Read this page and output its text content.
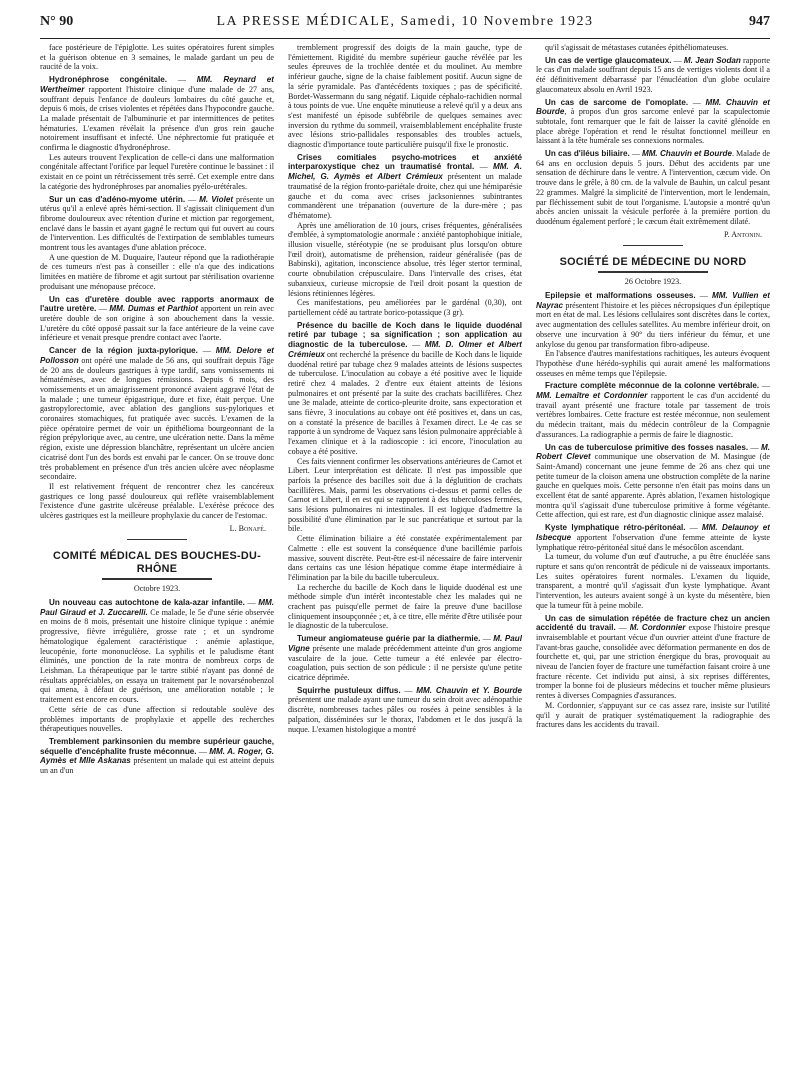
N° 90	LA PRESSE MÉDICALE, Samedi, 10 Novembre 1923	947

face postérieure de l'épiglotte. Les suites opératoires furent simples et la guérison obtenue en 3 semaines, le malade gardant un peu de raucité de la voix.

Hydronéphrose congénitale. — MM. Reynard et Wertheimer rapportent l'histoire clinique d'une malade de 27 ans, souffrant depuis l'enfance de douleurs lombaires du côté gauche et, depuis 6 mois, de crises violentes et répétées dans l'hypocondre gauche. La malade présentait de l'albuminurie et par intermittences de petites hématuries. L'examen révélait la présence d'un gros rein gauche notoirement insuffisant et infecté. Une néphrectomie fut pratiquée et confirma le diagnostic d'hydronéphrose.

Les auteurs trouvent l'explication de celle-ci dans une malformation congénitale affectant l'orifice par lequel l'uretère continue le bassinet : il existait en ce point un rétrécissement très serré. Cet exemple entre dans la catégorie des hydronéphroses par anomalies pyélo-urétérales.

Sur un cas d'adéno-myome utérin. — M. Violet présente un utérus qu'il a enlevé après hémi-section. Il s'agissait cliniquement d'un fibrome douloureux avec rétention d'urine et miction par regorgement, enclavé dans le bassin et ayant gagné le rectum qui fut ouvert au cours de l'intervention. Les difficultés de l'extirpation de semblables tumeurs montrent tous les avantages d'une ablation précoce.

A une question de M. Duquaire, l'auteur répond que la radiothérapie de ces tumeurs n'est pas à conseiller : elle n'a que des indications limitées en matière de fibrome et agit surtout par stérilisation ovarienne produisant une ménopause précoce.

Un cas d'uretère double avec rapports anormaux de l'autre uretère. — MM. Dumas et Parthiot apportent un rein avec uretère double de son origine à son abouchement dans la vessie. L'uretère du côté opposé passait sur la face antérieure de la veine cave inférieure et venait presque prendre contact avec l'aorte.

Cancer de la région juxta-pylorique. — MM. Delore et Pollosson ont opéré une malade de 56 ans, qui souffrait depuis l'âge de 20 ans de douleurs gastriques à type tardif, sans vomissements ni hématémèses, avec de longues rémissions. Depuis 6 mois, des vomissements et un amaigrissement prononcé avaient aggravé l'état de la malade ; une tumeur épigastrique, dure et fixe, était perçue. Une gastropylorectomie, avec ablation des ganglions sus-pyloriques et coronaires stomachiques, fut pratiquée avec succès. L'examen de la pièce opératoire permet de voir un épithélioma bourgeonnant de la région prépylorique avec, au centre, une ulcération nette. Dans la même région, existe une dépression blanchâtre, représentant un ulcère ancien cicatrisé dont l'un des bords est envahi par le cancer. On se trouve donc très probablement en présence d'un très ancien ulcère avec néoplasme secondaire.

Il est relativement fréquent de rencontrer chez les cancéreux gastriques ce long passé douloureux qui reflète vraisemblablement l'existence d'une gastrite ulcéreuse préalable. L'exérèse précoce des ulcères gastriques est la meilleure prophylaxie du cancer de l'estomac.

L. Bonafé.
COMITÉ MÉDICAL DES BOUCHES-DU-RHÔNE
Octobre 1923.

Un nouveau cas autochtone de kala-azar infantile. — MM. Paul Giraud et J. Zuccarelli. Ce malade, le 5e d'une série observée en moins de 8 mois, présentait une histoire clinique typique : anémie progressive, fièvre irrégulière, grosse rate ; et un syndrome hématologique également caractéristique : anémie aplastique, leucopénie, forte mononucléose. La syphilis et le paludisme étant éliminés, une ponction de la rate montra de nombreux corps de Leishman. La thérapeutique par le tartre stibié n'ayant pas donné de résultats appréciables, on essaya un traitement par le novarsénobenzol qui amena, à défaut de guérison, une amélioration notable ; le traitement est encore en cours.

Cette série de cas d'une affection si redoutable soulève des problèmes importants de prophylaxie et appelle des recherches thérapeutiques nouvelles.

Tremblement parkinsonien du membre supérieur gauche, séquelle d'encéphalite fruste méconnue. — MM. A. Roger, G. Aymès et Mlle Askanas présentent un malade qui est atteint depuis un an d'un

tremblement progressif des doigts de la main gauche, type de l'émiettement. Rigidité du membre supérieur gauche révélée par les seules épreuves de la trochlée dentée et du moulinet. Au membre inférieur gauche, signe de la chaise faiblement positif. Aucun signe de la série pyramidale. Pas d'antécédents toxiques ; pas de spécificité. Bordet-Wassermann du sang négatif. Liquide céphalo-rachidien normal à tous points de vue. Une enquête minutieuse a relevé qu'il y a deux ans s'est manifesté un épisode subfébrile de quelques semaines avec inversion du rythme du sommeil, vraisemblablement encéphalite fruste avec lésions strio-pallidales responsables des troubles actuels, diagnostic d'importance toute particulière puisqu'il fixe le pronostic.

Crises comitiales psycho-motrices et anxiété interparoxystique chez un traumatisé frontal. — MM. A. Michel, G. Aymès et Albert Crémieux présentent un malade traumatisé de la région fronto-pariétale droite, chez qui une hémiparésie gauche et du coma avec crises jacksoniennes subintrantes commandèrent une trépanation (ouverture de la dure-mère ; pas d'hématome).

Après une amélioration de 10 jours, crises fréquentes, généralisées d'emblée, à symptomatologie anormale : anxiété pantophobique initiale, illusion visuelle, stéréotypie (ne se produisant plus lorsqu'on obture l'œil droit), automatisme de préhension, raideur généralisée (pas de Babinski), agitation, inconscience absolue, très léger stertor terminal, courte obnubilation crépusculaire. Dans l'intervalle des crises, état subanxieux, curieuse micropsie de l'œil droit posant la question de lésions rétiniennes légères.

Ces manifestations, peu améliorées par le gardénal (0,30), ont partiellement cédé au tartrate borico-potassique (3 gr).

Présence du bacille de Koch dans le liquide duodénal retiré par tubage ; sa signification ; son application au diagnostic de la tuberculose. — MM. D. Olmer et Albert Crémieux ont recherché la présence du bacille de Koch dans le liquide duodénal retiré par tubage chez 9 malades atteints de lésions suspectes de tuberculose. L'inoculation au cobaye a été positive avec le liquide retiré chez 4 malades. 2 d'entre eux étaient atteints de lésions pulmonaires et ont présenté par la suite des crachats bacillifères. Chez une 3e malade, atteinte de cortico-pleurite droite, sans expectoration et sans fièvre, 3 inoculations au cobaye ont été positives et, dans un cas, on a constaté la présence de bacilles à l'examen direct. Le 4e cas se rapporte à un syndrome de Vaquez sans lésion pulmonaire appréciable à l'examen clinique et à la radioscopie : ici encore, l'inoculation au cobaye a été positive.

Ces faits viennent confirmer les observations antérieures de Carnot et Libert. Leur interprétation est délicate. Il n'est pas impossible que parfois la présence des bacilles soit due à la déglutition de crachats bacillifères. Mais, parmi les observations ci-dessus et parmi celles de Carnot et Libert, il en est qui se rapportent à des tuberculoses fermées, sans lésions pulmonaires ni intestinales. Il est logique d'admettre la possibilité d'une élimination par le suc pancréatique et surtout par la bile.

Cette élimination biliaire a été constatée expérimentalement par Calmette : elle est souvent la conséquence d'une bacillémie parfois massive, souvent discrète. Peut-être est-il nécessaire de faire intervenir dans certains cas une lésion hépatique comme étape intermédiaire à l'élimination par la bile du bacille tuberculeux.

La recherche du bacille de Koch dans le liquide duodénal est une méthode simple d'un intérêt incontestable chez les malades qui ne crachent pas puisqu'elle permet de faire la preuve d'une bacillose cliniquement insoupçonnée ; et, à ce titre, elle mérite d'être utilisée pour le diagnostic de la tuberculose.

Tumeur angiomateuse guérie par la diathermie. — M. Paul Vigne présente une malade précédemment atteinte d'un gros angiome vasculaire de la joue. Cette tumeur a été enlevée par électro-coagulation, puis section de son pédicule : il ne persiste qu'une petite cicatrice déprimée.

Squirrhe pustuleux diffus. — MM. Chauvin et Y. Bourde présentent une malade ayant une tumeur du sein droit avec adénopathie discrète, nombreuses taches pâles ou rosées à peine sensibles à la palpation, disséminées sur le thorax, l'abdomen et le dos jusqu'à la nuque. L'examen histologique a montré

qu'il s'agissait de métastases cutanées épithéliomateuses.

Un cas de vertige glaucomateux. — M. Jean Sodan rapporte le cas d'un malade souffrant depuis 15 ans de vertiges violents dont il a été définitivement débarrassé par l'énucléation d'un globe oculaire glaucomateux absolu en Avril 1923.

Un cas de sarcome de l'omoplate. — MM. Chauvin et Bourde, à propos d'un gros sarcome enlevé par la scapulectomie subtotale, font remarquer que le fait de laisser la cavité glénoïde en place abrège l'opération et rend le résultat fonctionnel meilleur en laissant à la tête humérale ses connexions normales.

Un cas d'iléus biliaire. — MM. Chauvin et Bourde. Malade de 64 ans en occlusion depuis 5 jours. Début des accidents par une sensation de déchirure dans le ventre. A l'intervention, cæcum vide. On trouve dans le grêle, à 80 cm. de la valvule de Bauhin, un calcul pesant 22 grammes. Malgré la simplicité de l'intervention, mort le lendemain, par fléchissement subit de tout l'organisme. L'autopsie a montré qu'un abcès ancien unissait la vésicule perforée à la première portion du duodénum également perforé ; le cæcum était extrêmement dilaté.

P. Antonin.
SOCIÉTÉ DE MÉDECINE DU NORD
26 Octobre 1923.

Epilepsie et malformations osseuses. — MM. Vullien et Nayrac présentent l'histoire et les pièces nécropsiques d'un épileptique mort en état de mal. Les lésions cellulaires sont discrètes dans le cortex, avec augmentation des cellules satellites. Au membre inférieur droit, on observe une incurvation à 90° du tiers inférieur du fémur, et une ankylose du genou par transformation fibro-adipeuse.

En l'absence d'autres manifestations rachitiques, les auteurs évoquent l'hypothèse d'une hérédo-syphilis qui aurait amené les malformations osseuses en même temps que l'épilepsie.

Fracture complète méconnue de la colonne vertébrale. — MM. Lemaître et Cordonnier rapportent le cas d'un accidenté du travail ayant présenté une fracture totale par tassement de trois vertèbres lombaires. Cette fracture est restée méconnue, non seulement du médecin traitant, mais du médecin contrôleur de la Compagnie d'assurances. La radiographie a permis de faire le diagnostic.

Un cas de tuberculose primitive des fosses nasales. — M. Robert Clevet communique une observation de M. Masingue (de Saint-Amand) concernant une jeune femme de 26 ans chez qui une petite tumeur de la cloison amena une obstruction complète de la narine gauche en quelques mois. Cette personne n'en était pas moins dans un excellent état de santé apparente. Après ablation, l'examen histologique montra qu'il s'agissait d'une tuberculose primitive à forme végétante. Cette affection, qui est rare, est d'un diagnostic clinique assez malaisé.

Kyste lymphatique rétro-péritonéal. — MM. Delaunoy et Isbecque apportent l'observation d'une femme atteinte de kyste lymphatique rétro-péritonéal situé dans le mésocôlon ascendant.

La tumeur, du volume d'un œuf d'autruche, a pu être énucléée sans rupture et sans qu'on rencontrât de pédicule ni de vaisseaux importants. Les suites opératoires furent normales. L'examen du liquide, transparent, a montré qu'il s'agissait d'un kyste lymphatique. Avant l'intervention, les auteurs avaient songé à un kyste du mésentère, bien que la tumeur fût à peine mobile.

Un cas de simulation répétée de fracture chez un ancien accidenté du travail. — M. Cordonnier expose l'histoire presque invraisemblable et pourtant vécue d'un ouvrier atteint d'une fracture de l'avant-bras gauche, consolidée avec déformation permanente en dos de fourchette et, qui, par une striction énergique du bras, provoquait au niveau de l'ancien foyer de fracture une tuméfaction faisant croire à une fracture récente. Cet individu put ainsi, à six reprises différentes, tromper la bonne foi de plusieurs médecins et toucher même plusieurs rentes à diverses Compagnies d'assurances.

M. Cordonnier, s'appuyant sur ce cas assez rare, insiste sur l'utilité qu'il y aurait de pratiquer systématiquement la radiographie des fractures dans les accidents du travail.
